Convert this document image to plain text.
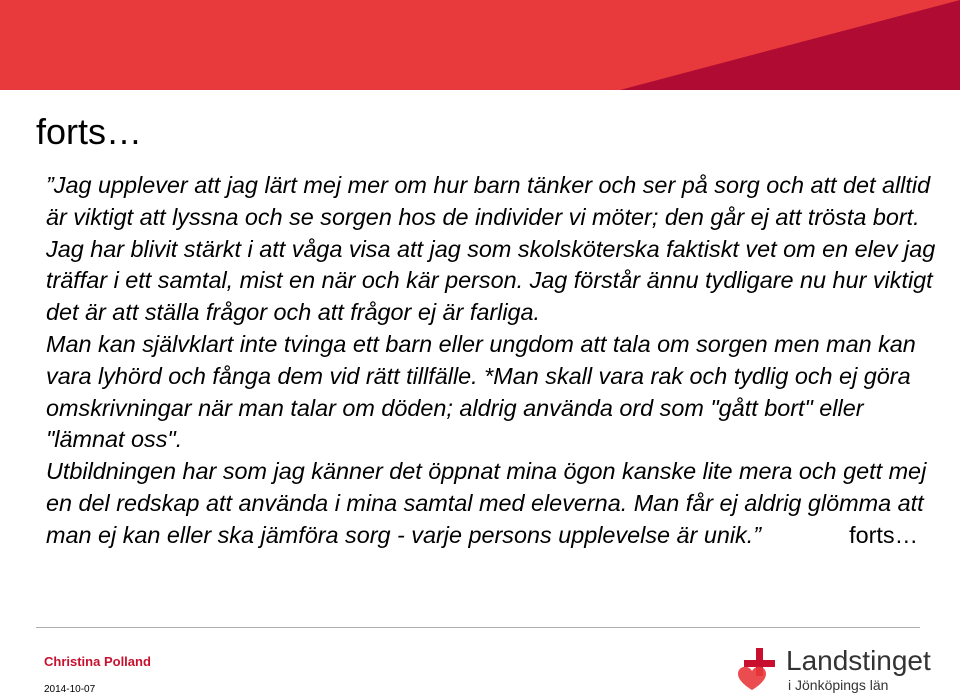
forts…

”Jag upplever att jag lärt mej mer om hur barn tänker och ser på sorg och att det alltid är viktigt att lyssna och se sorgen hos de individer vi möter; den går ej att trösta bort. Jag har blivit stärkt i att våga visa att jag som skolsköterska faktiskt vet om en elev jag träffar i ett samtal, mist en när och kär person. Jag förstår ännu tydligare nu hur viktigt det är att ställa frågor och att frågor ej är farliga.

Man kan självklart inte tvinga ett barn eller ungdom att tala om sorgen men man kan vara lyhörd och fånga dem vid rätt tillfälle. *Man skall vara rak och tydlig och ej göra omskrivningar när man talar om döden; aldrig använda ord som "gått bort" eller "lämnat oss".

Utbildningen har som jag känner det öppnat mina ögon kanske lite mera och gett mej en del redskap att använda i mina samtal med eleverna. Man får ej aldrig glömma att man ej kan eller ska jämföra sorg - varje persons upplevelse är unik.”	forts…

Christina Polland
2014-10-07
Landstinget
i Jönköpings län
